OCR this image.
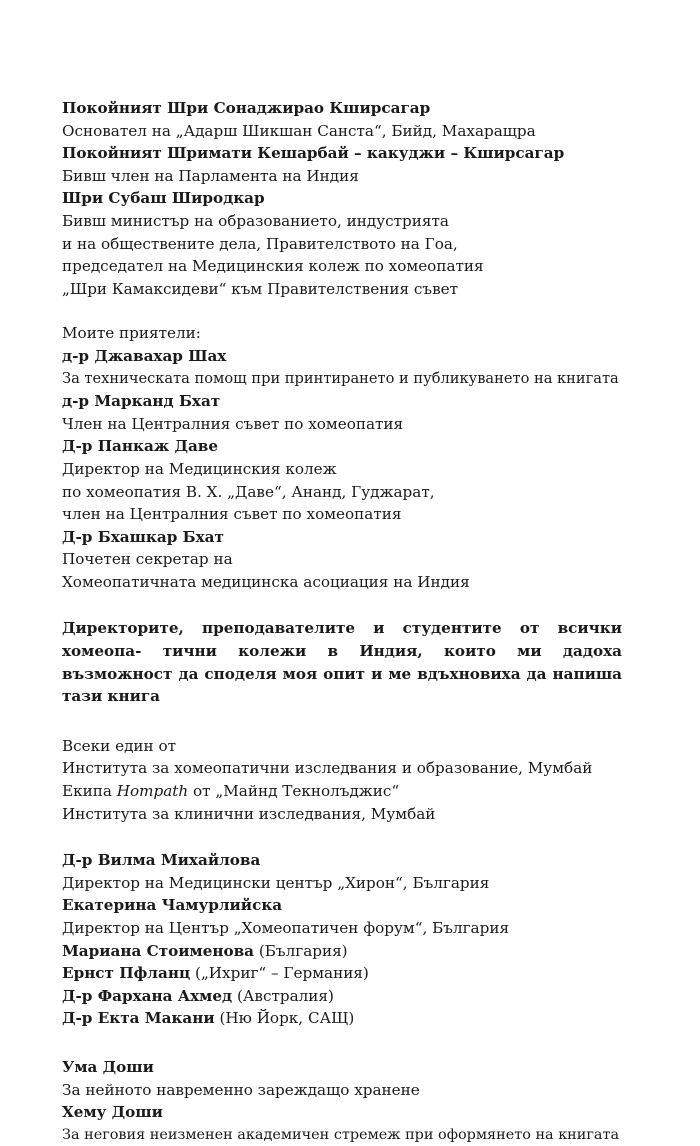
Покойният Шри Сонаджирао Кширсагар
Основател на „Адарш Шикшан Санста“, Бийд, Махаращра
Покойният Шримати Кешарбай – какуджи – Кширсагар
Бивш член на Парламента на Индия
Шри Субаш Широдкар
Бивш министър на образованието, индустрията
и на обществените дела, Правителството на Гоа,
председател на Медицинския колеж по хомеопатия
„Шри Камаксидеви“ към Правителствения съвет
Моите приятели:
д-р Джавахар Шах
За техническата помощ при принтирането и публикуването на книгата
д-р Марканд Бхат
Член на Централния съвет по хомеопатия
Д-р Панкаж Даве
Директор на Медицинския колеж
по хомеопатия В. Х. „Даве“, Ананд, Гуджарат,
член на Централния съвет по хомеопатия
Д-р Бхашкар Бхат
Почетен секретар на
Хомеопатичната медицинска асоциация на Индия
Директорите, преподавателите и студентите от всички хомеопа- тични колежи в Индия, които ми дадоха възможност да споделя моя опит и ме вдъхновиха да напиша тази книга
Всеки един от
Института за хомеопатични изследвания и образование, Мумбай
Екипа Hompath от „Майнд Текнолъджис“
Института за клинични изследвания, Мумбай
Д-р Вилма Михайлова
Директор на Медицински център „Хирон“, България
Екатерина Чамурлийска
Директор на Център „Хомеопатичен форум“, България
Мариана Стоименова (България)
Ернст Пфланц („Ихриг“ – Германия)
Д-р Фархана Ахмед (Австралия)
Д-р Екта Макани (Ню Йорк, САЩ)
Ума Доши
За нейното навременно зареждащо хранене
Хему Доши
За неговия неизменен академичен стремеж при оформянето на книгата
